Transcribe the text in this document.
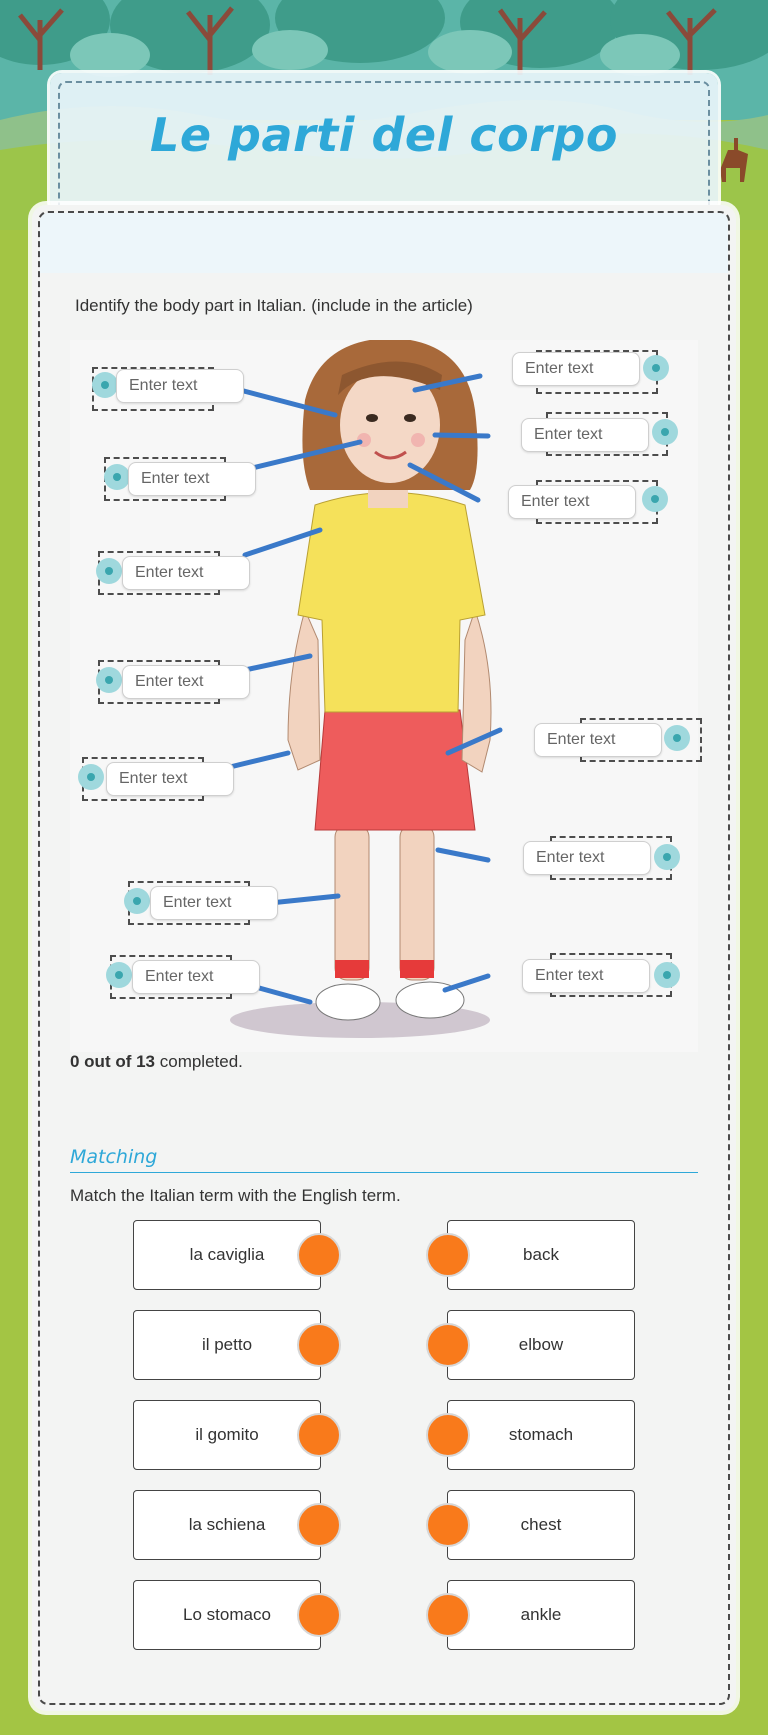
Le parti del corpo
Identify the body part in Italian. (include in the article)
Enter text
Enter text
Enter text
Enter text
Enter text
Enter text
Enter text
Enter text
Enter text
Enter text
Enter text
Enter text
Enter text
0 out of 13 completed.
Matching
Match the Italian term with the English term.
la caviglia
il petto
il gomito
la schiena
Lo stomaco
back
elbow
stomach
chest
ankle
